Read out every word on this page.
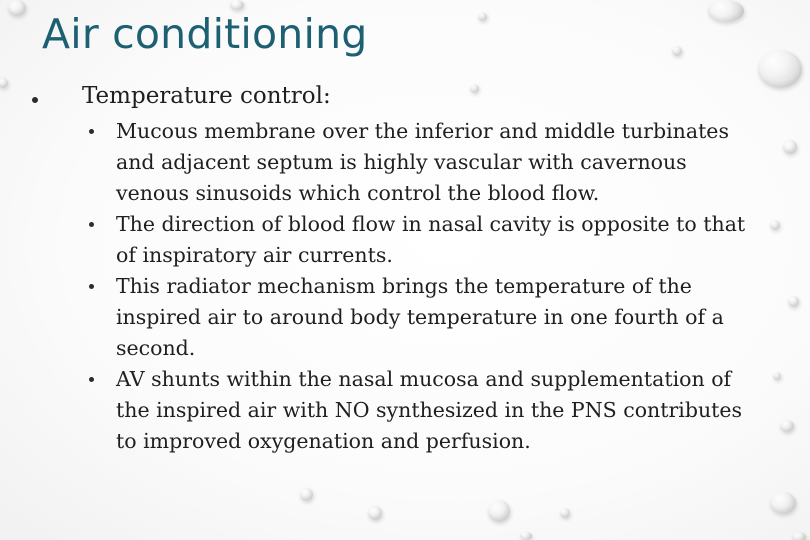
Air conditioning
Temperature control:
Mucous membrane over the inferior and middle turbinates and adjacent septum is highly vascular with cavernous venous sinusoids which control the blood flow.
The direction of blood flow in nasal cavity is opposite to that of inspiratory air currents.
This radiator mechanism brings the temperature of the inspired air to around body temperature in one fourth of a second.
AV shunts within the nasal mucosa and supplementation of the inspired air with NO synthesized in the PNS contributes to improved oxygenation and perfusion.
